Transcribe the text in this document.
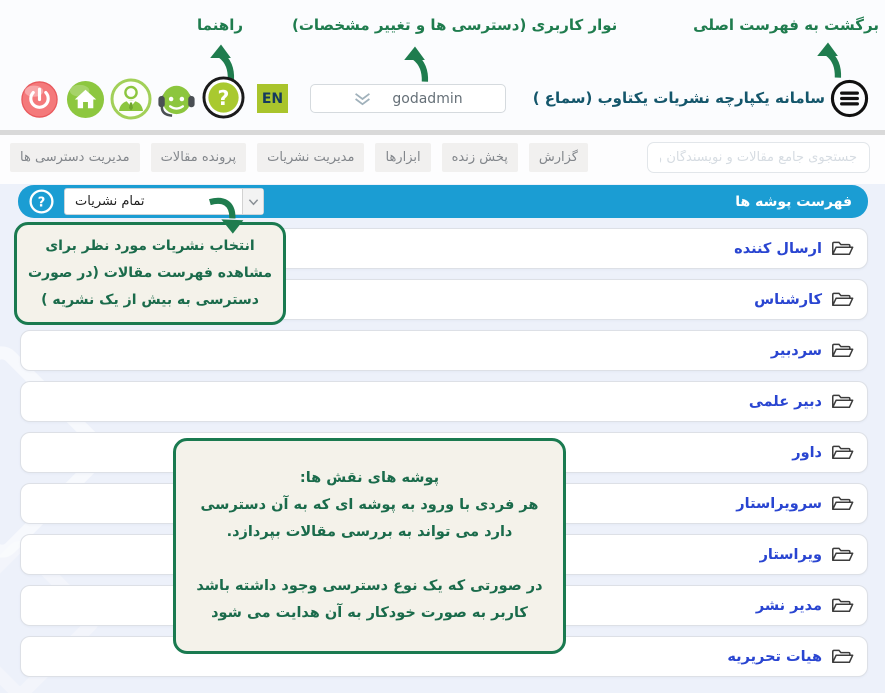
برگشت به فهرست اصلی
نوار کاربری (دسترسی ها و تغییر مشخصات)
راهنما
سامانه یکپارچه نشریات یکتاوب (سماع )
godadmin
EN
?
جستجوی جامع مقالات و نویسندگان و کاربران
گزارش
پخش زنده
ابزارها
مدیریت نشریات
پرونده مقالات
مدیریت دسترسی ها
فهرست پوشه ها
تمام نشریات
?
ارسال کننده
کارشناس
سردبیر
دبیر علمی
داور
سرویراستار
ویراستار
مدیر نشر
هیات تحریریه
انتخاب نشریات مورد نظر برای مشاهده فهرست مقالات (در صورت دسترسی به بیش از یک نشریه )
پوشه های نقش ها:
هر فردی با ورود به پوشه ای که به آن دسترسی
دارد می تواند به بررسی مقالات بپردازد.
در صورتی که یک نوع دسترسی وجود داشته باشد
کاربر به صورت خودکار به آن هدایت می شود
